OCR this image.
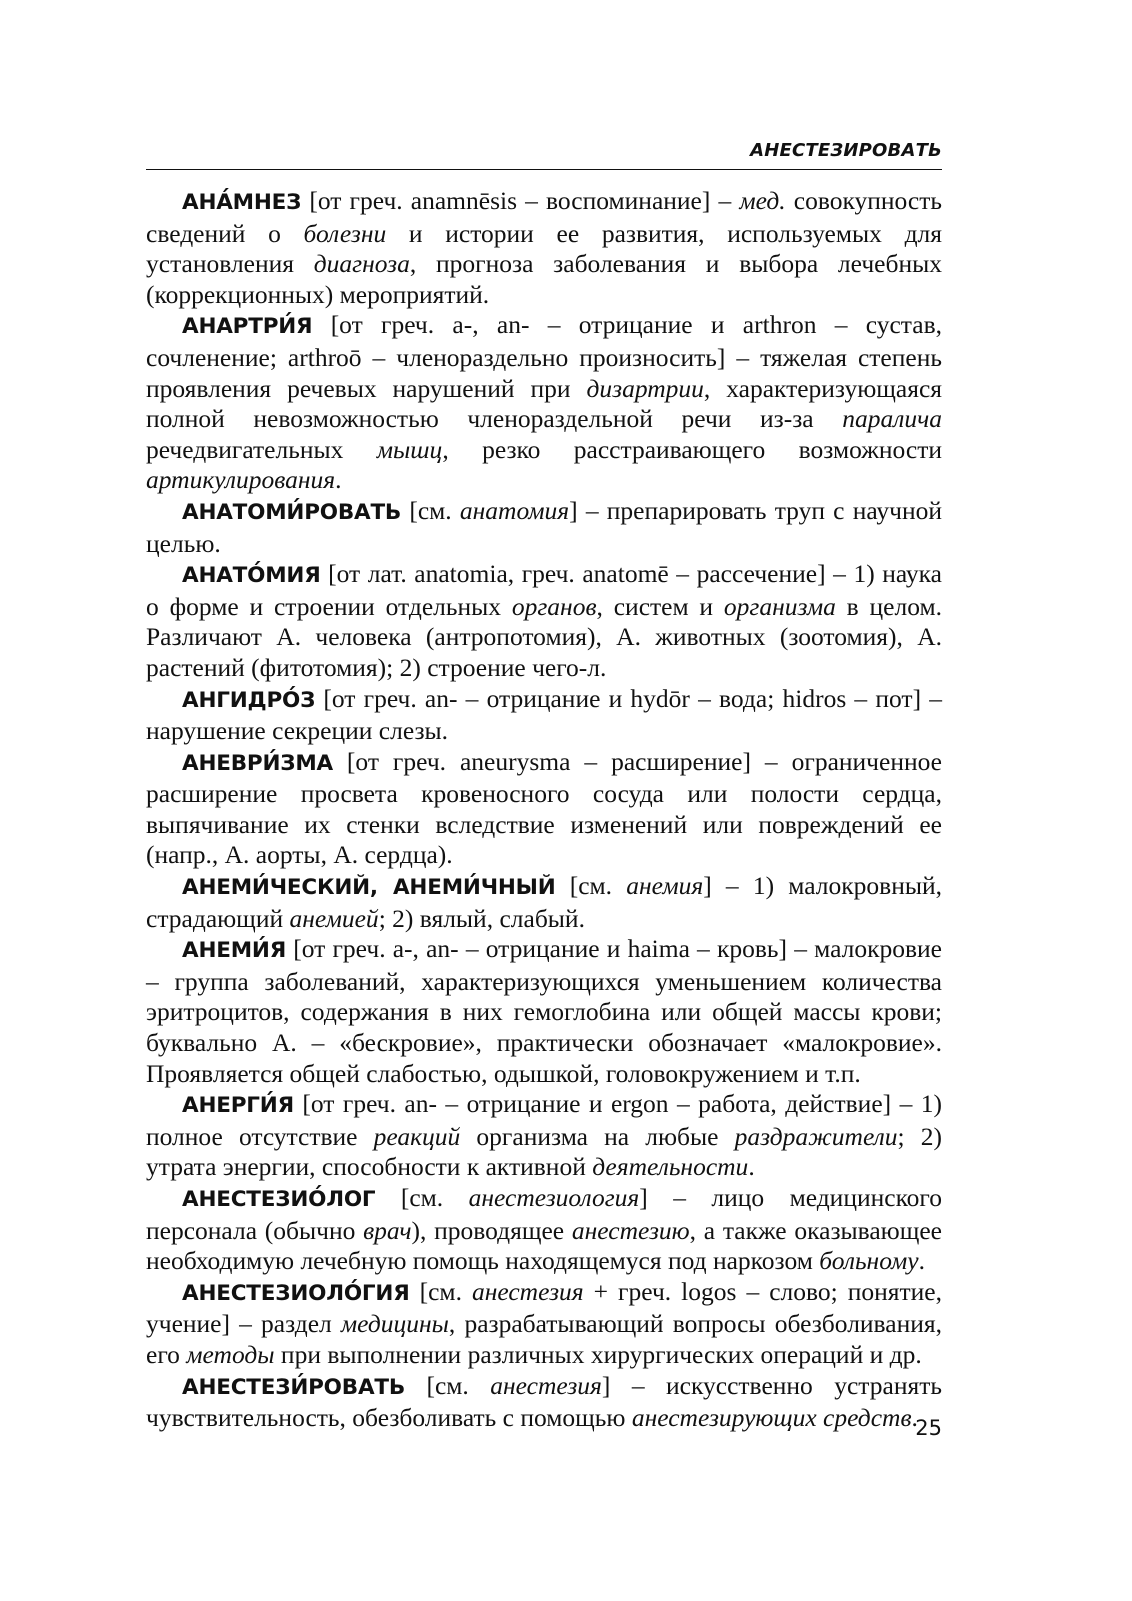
АНЕСТЕЗИРОВАТЬ

АНА́МНЕЗ [от греч. anamnēsis – воспоминание] – мед. совокупность сведений о болезни и истории ее развития, используемых для установления диагноза, прогноза заболевания и выбора лечебных (коррекционных) мероприятий.

АНАРТРИ́Я [от греч. а-, an- – отрицание и arthron – сустав, сочленение; arthroō – членораздельно произносить] – тяжелая степень проявления речевых нарушений при дизартрии, характеризующаяся полной невозможностью членораздельной речи из-за паралича речедвигательных мышц, резко расстраивающего возможности артикулирования.

АНАТОМИ́РОВАТЬ [см. анатомия] – препарировать труп с научной целью.

АНАТО́МИЯ [от лат. anatomia, греч. anatomē – рассечение] – 1) наука о форме и строении отдельных органов, систем и организма в целом. Различают А. человека (антропотомия), А. животных (зоотомия), А. растений (фитотомия); 2) строение чего-л.

АНГИДРО́З [от греч. an- – отрицание и hydōr – вода; hidros – пот] – нарушение секреции слезы.

АНЕВРИ́ЗМА [от греч. aneurysma – расширение] – ограниченное расширение просвета кровеносного сосуда или полости сердца, выпячивание их стенки вследствие изменений или повреждений ее (напр., А. аорты, А. сердца).

АНЕМИ́ЧЕСКИЙ, АНЕМИ́ЧНЫЙ [см. анемия] – 1) малокровный, страдающий анемией; 2) вялый, слабый.

АНЕМИ́Я [от греч. а-, an- – отрицание и haima – кровь] – малокровие – группа заболеваний, характеризующихся уменьшением количества эритроцитов, содержания в них гемоглобина или общей массы крови; буквально А. – «бескровие», практически обозначает «малокровие». Проявляется общей слабостью, одышкой, головокружением и т.п.

АНЕРГИ́Я [от греч. an- – отрицание и ergon – работа, действие] – 1) полное отсутствие реакций организма на любые раздражители; 2) утрата энергии, способности к активной деятельности.

АНЕСТЕЗИО́ЛОГ [см. анестезиология] – лицо медицинского персонала (обычно врач), проводящее анестезию, а также оказывающее необходимую лечебную помощь находящемуся под наркозом больному.

АНЕСТЕЗИОЛО́ГИЯ [см. анестезия + греч. logos – слово; понятие, учение] – раздел медицины, разрабатывающий вопросы обезболивания, его методы при выполнении различных хирургических операций и др.

АНЕСТЕЗИ́РОВАТЬ [см. анестезия] – искусственно устранять чувствительность, обезболивать с помощью анестезирующих средств.

25
